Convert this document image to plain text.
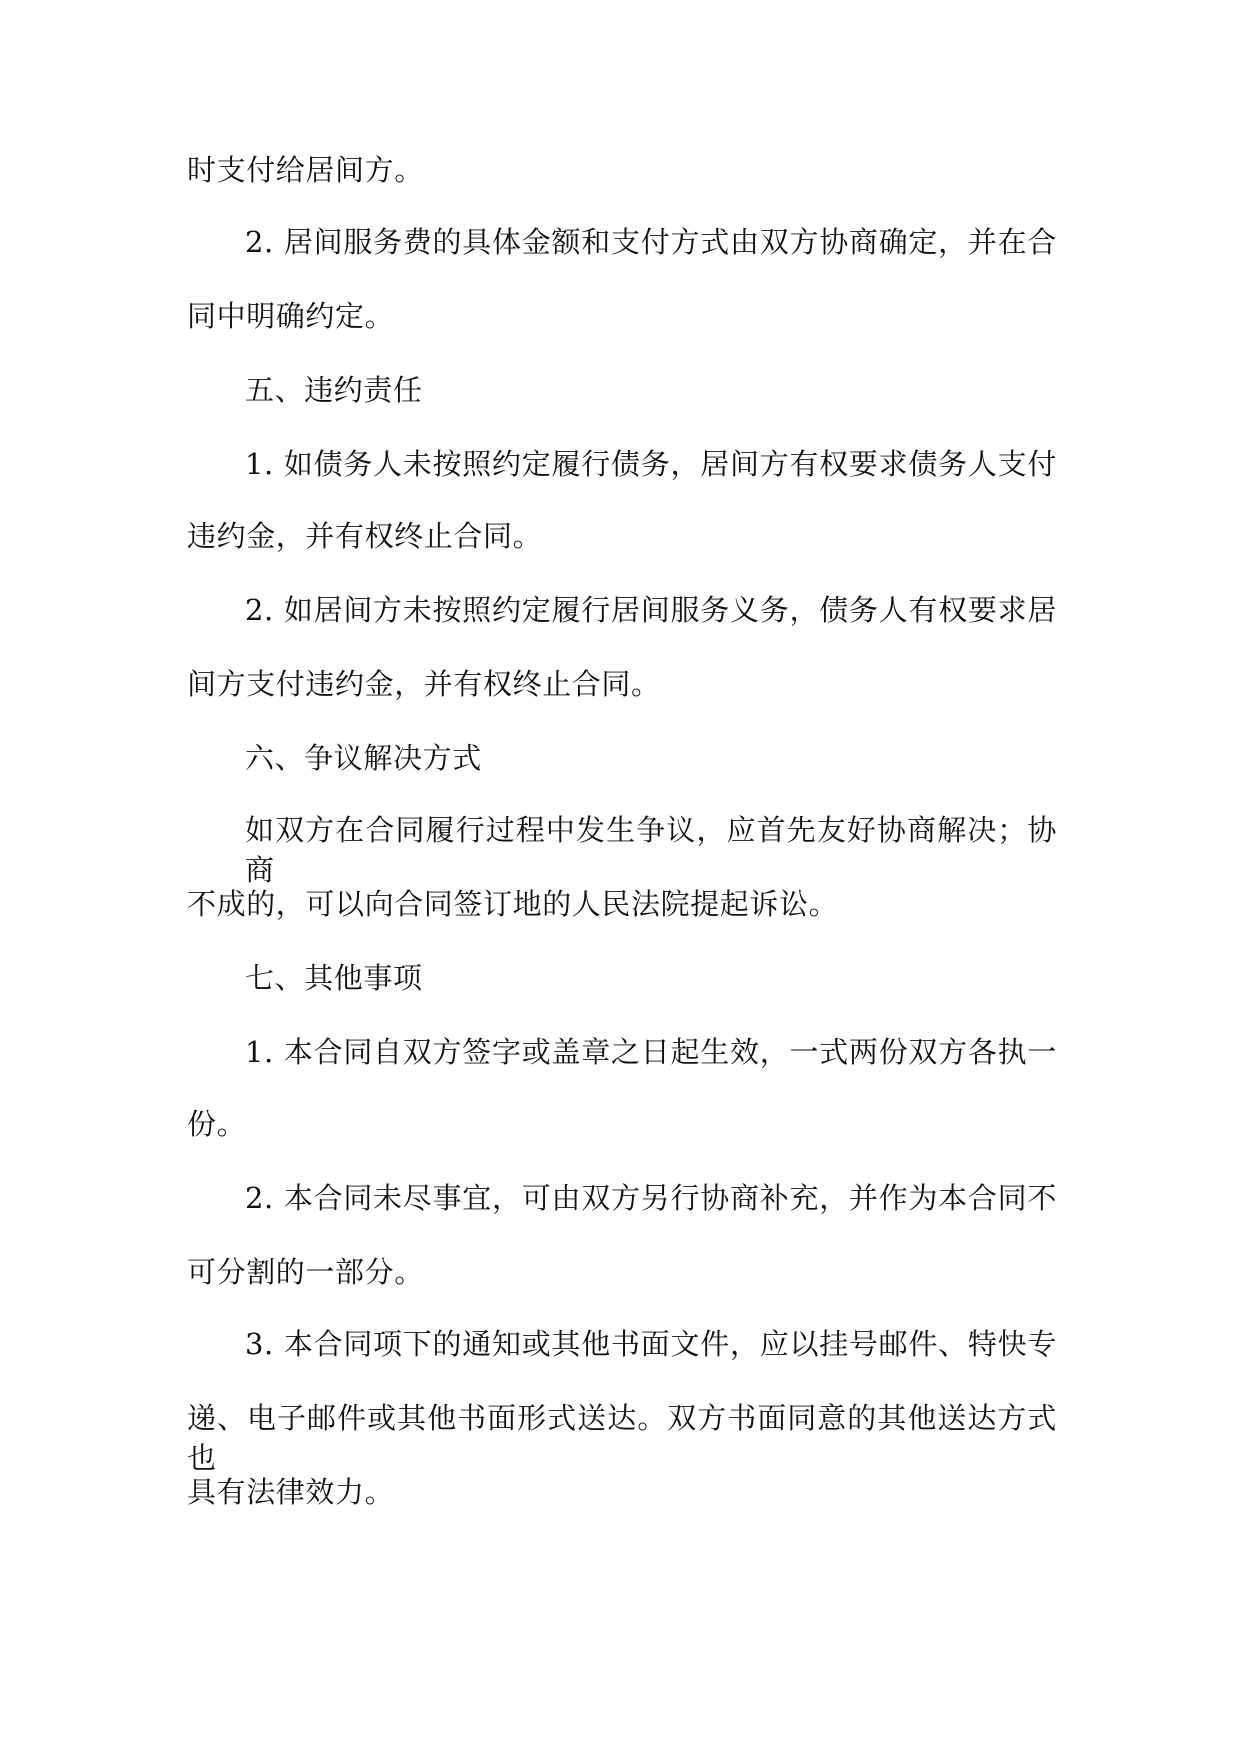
时支付给居间方。
2. 居间服务费的具体金额和支付方式由双方协商确定，并在合
同中明确约定。
五、违约责任
1. 如债务人未按照约定履行债务，居间方有权要求债务人支付
违约金，并有权终止合同。
2. 如居间方未按照约定履行居间服务义务，债务人有权要求居
间方支付违约金，并有权终止合同。
六、争议解决方式
如双方在合同履行过程中发生争议，应首先友好协商解决；协商
不成的，可以向合同签订地的人民法院提起诉讼。
七、其他事项
1. 本合同自双方签字或盖章之日起生效，一式两份双方各执一
份。
2. 本合同未尽事宜，可由双方另行协商补充，并作为本合同不
可分割的一部分。
3. 本合同项下的通知或其他书面文件，应以挂号邮件、特快专
递、电子邮件或其他书面形式送达。双方书面同意的其他送达方式也
具有法律效力。
